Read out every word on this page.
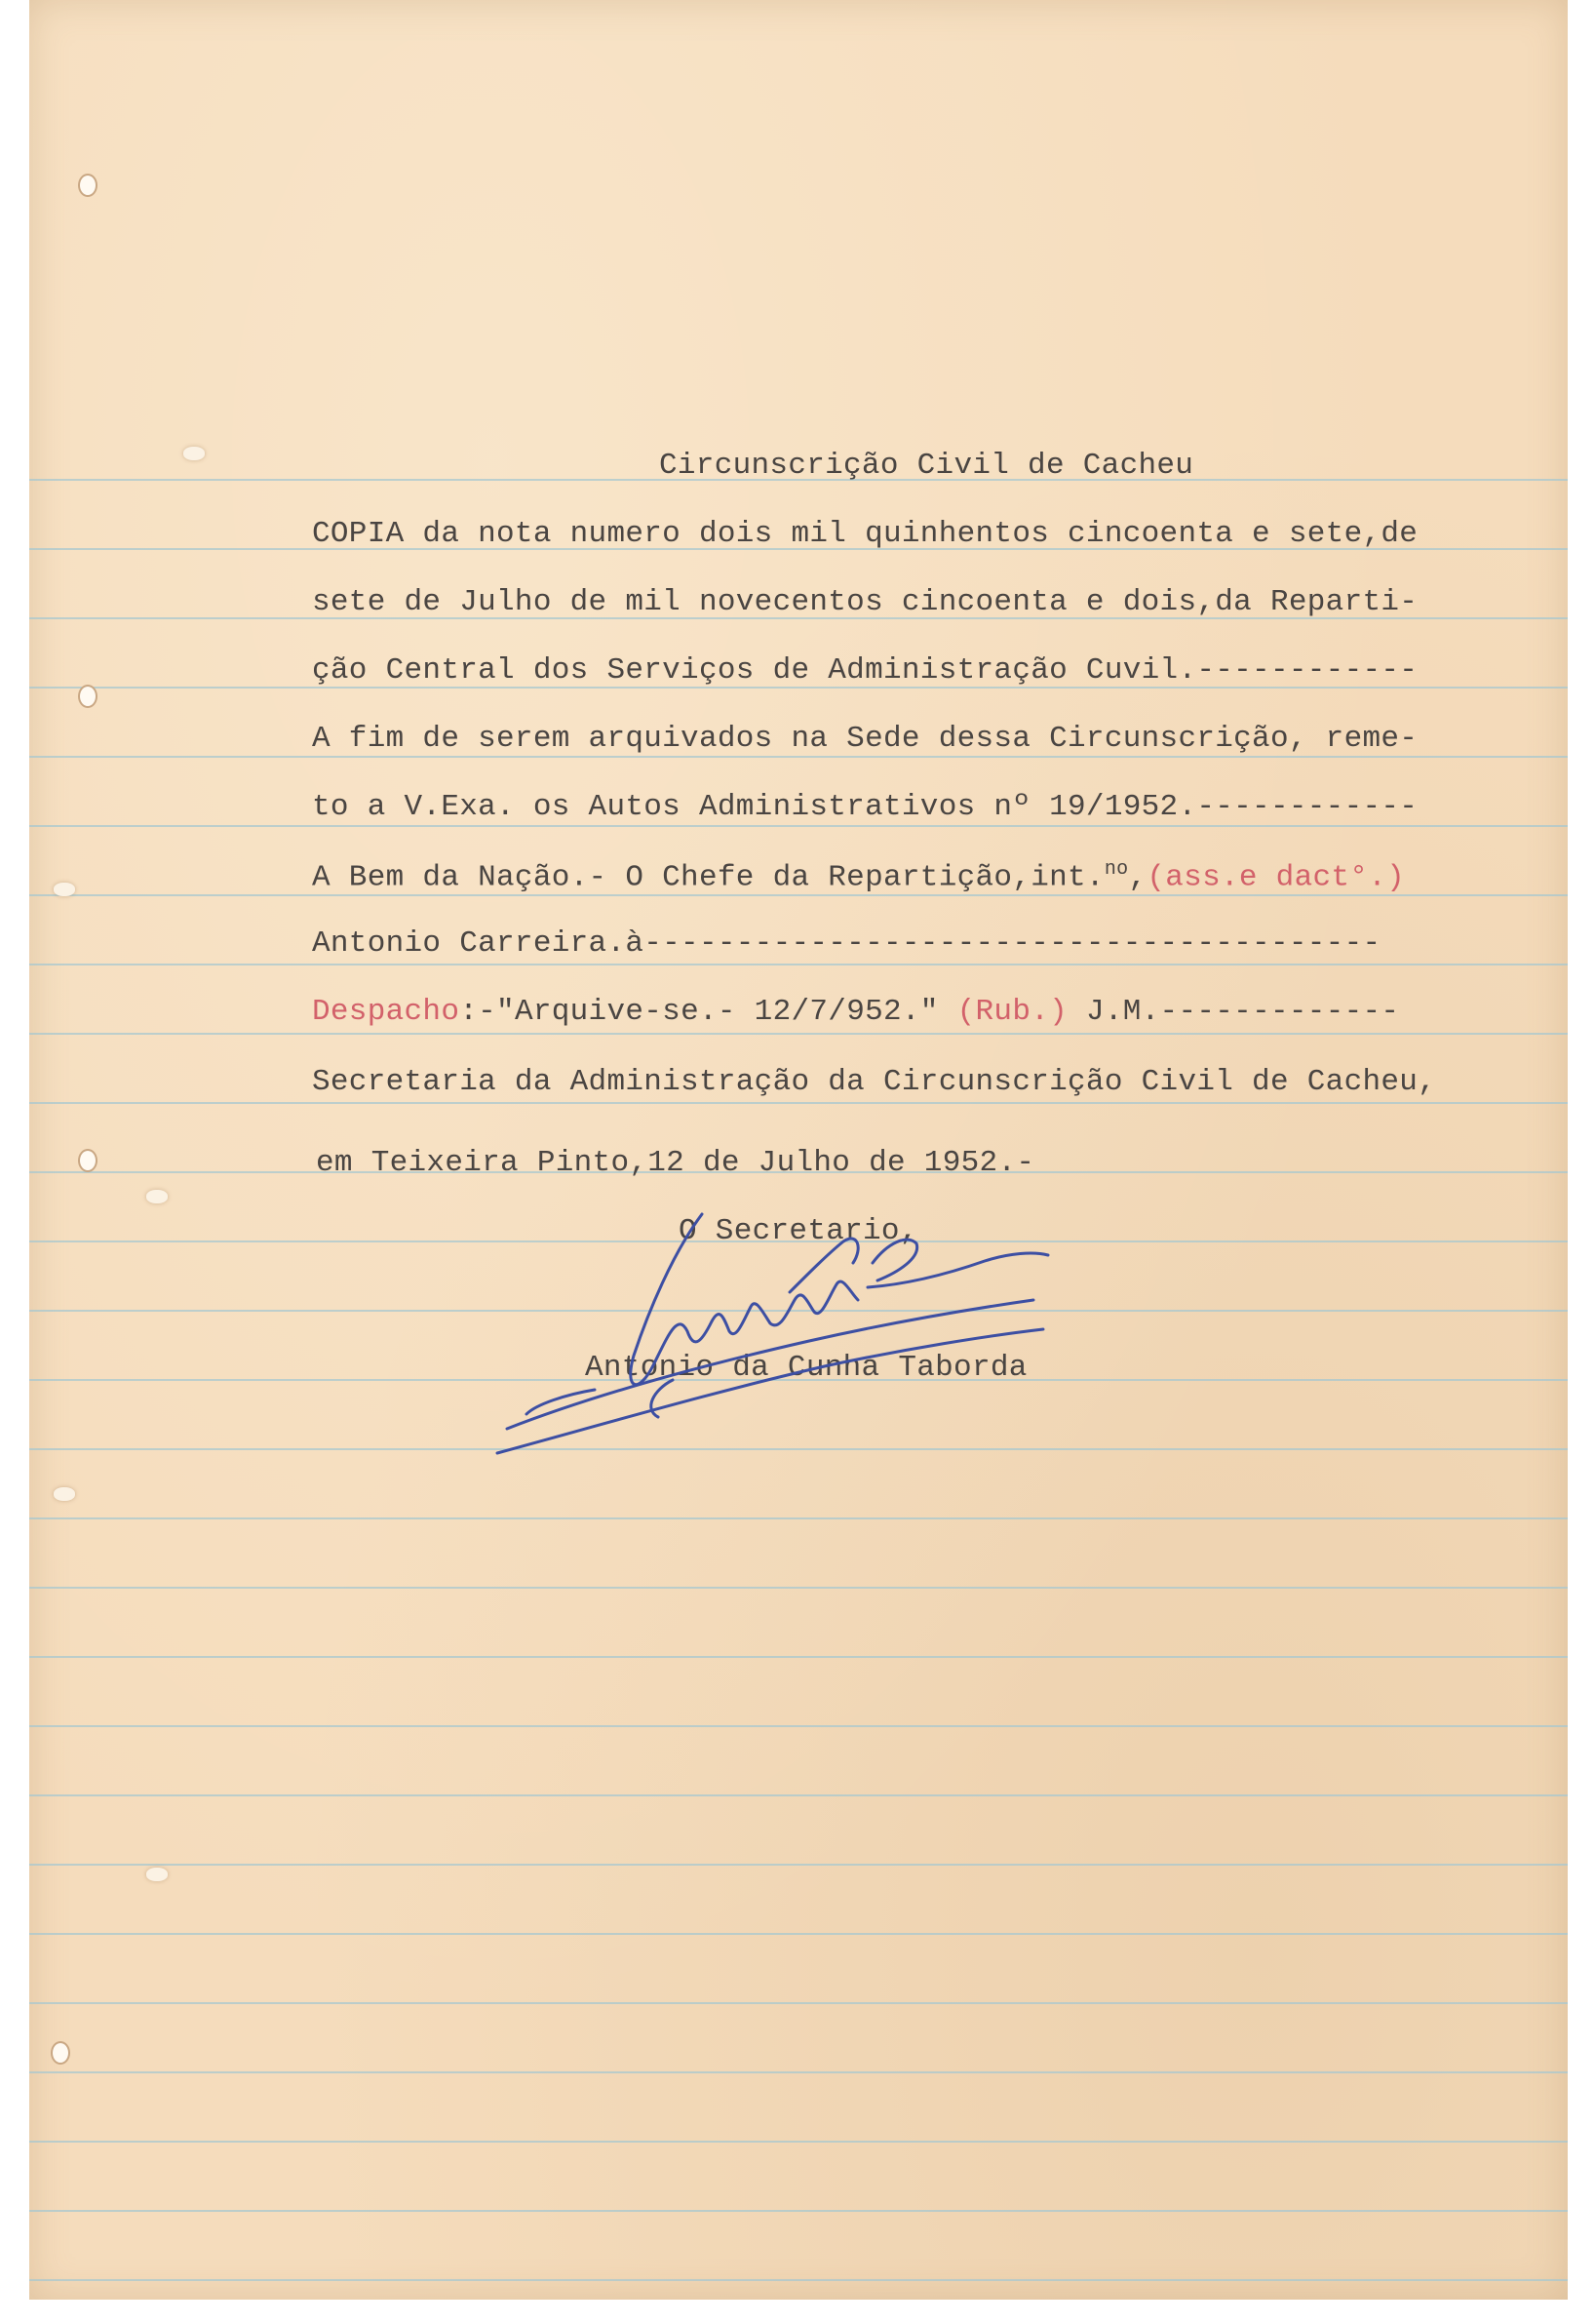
Circunscrição Civil de Cacheu
COPIA da nota numero dois mil quinhentos cincoenta e sete,de
sete de Julho de mil novecentos cincoenta e dois,da Reparti-
ção Central dos Serviços de Administração Cuvil.------------
A fim de serem arquivados na Sede dessa Circunscrição, reme-
to a V.Exa. os Autos Administrativos nº 19/1952.------------
A Bem da Nação.- O Chefe da Repartição,int.$^{no}$,(ass.e dact°.)
Antonio Carreira.à----------------------------------------
Despacho:-"Arquive-se.- 12/7/952." (Rub.) J.M.-------------
Secretaria da Administração da Circunscrição Civil de Cacheu,
em Teixeira Pinto,12 de Julho de 1952.-
O Secretario,
Antonio da Cunha Taborda
